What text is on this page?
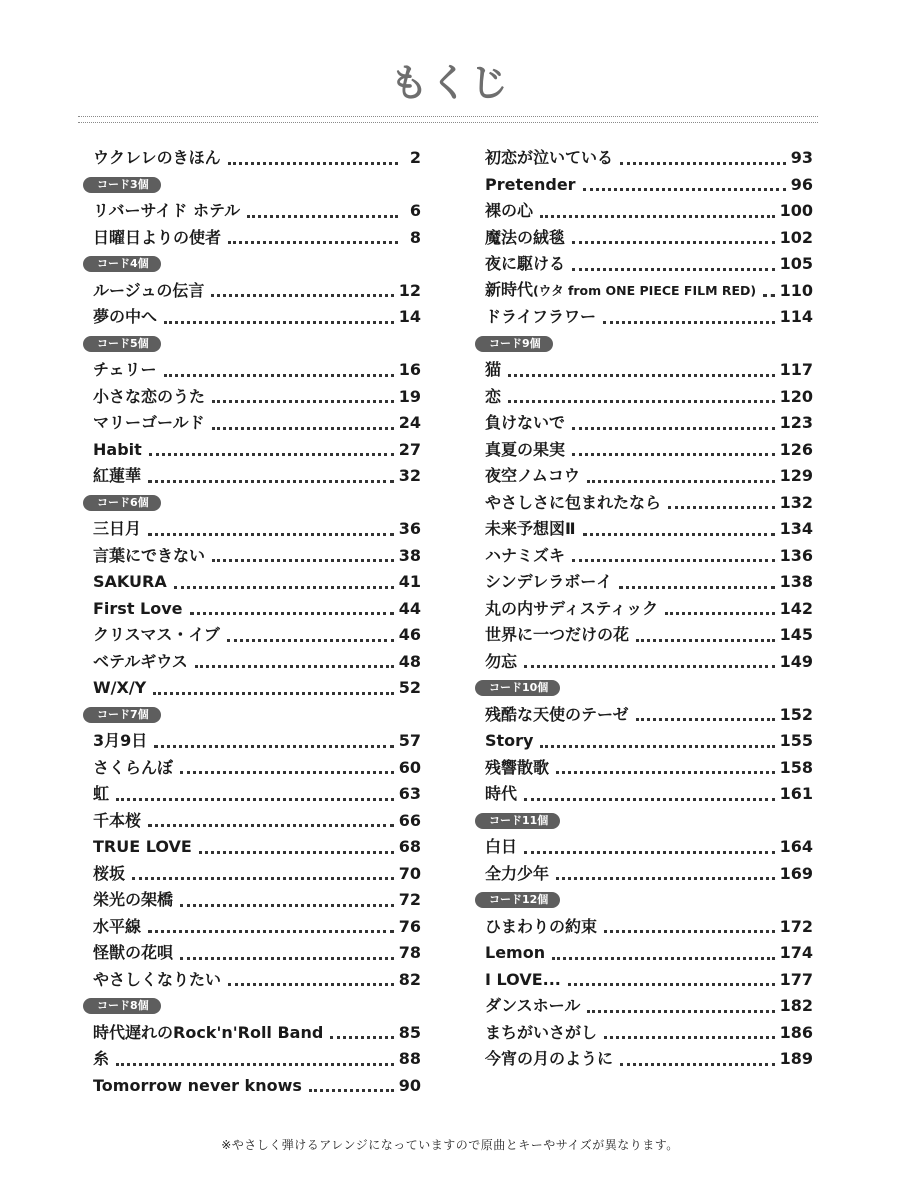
もくじ
ウクレレのきほん	2
コード3個
リバーサイド ホテル	6
日曜日よりの使者	8
コード4個
ルージュの伝言	12
夢の中へ	14
コード5個
チェリー	16
小さな恋のうた	19
マリーゴールド	24
Habit	27
紅蓮華	32
コード6個
三日月	36
言葉にできない	38
SAKURA	41
First Love	44
クリスマス・イブ	46
ベテルギウス	48
W/X/Y	52
コード7個
3月9日	57
さくらんぼ	60
虹	63
千本桜	66
TRUE LOVE	68
桜坂	70
栄光の架橋	72
水平線	76
怪獣の花唄	78
やさしくなりたい	82
コード8個
時代遅れのRock'n'Roll Band	85
糸	88
Tomorrow never knows	90
初恋が泣いている	93
Pretender	96
裸の心	100
魔法の絨毯	102
夜に駆ける	105
新時代(ウタ from ONE PIECE FILM RED) 110
ドライフラワー	114
コード9個
猫	117
恋	120
負けないで	123
真夏の果実	126
夜空ノムコウ	129
やさしさに包まれたなら	132
未来予想図Ⅱ	134
ハナミズキ	136
シンデレラボーイ	138
丸の内サディスティック	142
世界に一つだけの花	145
勿忘	149
コード10個
残酷な天使のテーゼ	152
Story	155
残響散歌	158
時代	161
コード11個
白日	164
全力少年	169
コード12個
ひまわりの約束	172
Lemon	174
I LOVE...	177
ダンスホール	182
まちがいさがし	186
今宵の月のように	189
※やさしく弾けるアレンジになっていますので原曲とキーやサイズが異なります。
